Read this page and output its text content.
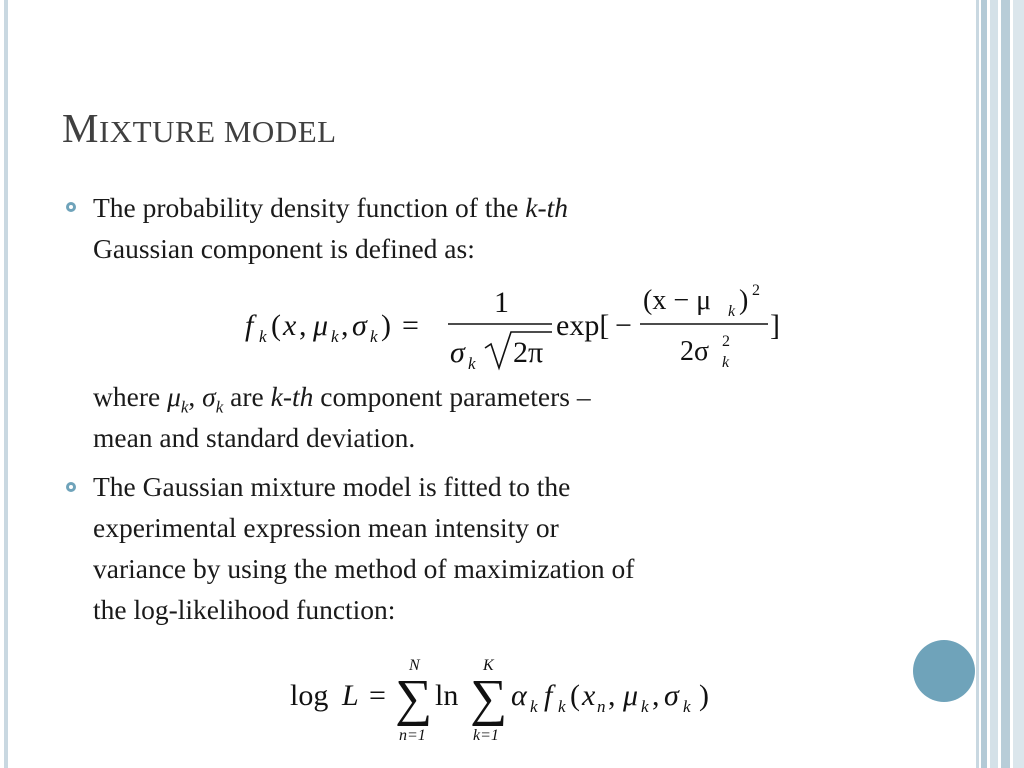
MIXTURE MODEL
The probability density function of the k-th
Gaussian component is defined as:
f k ( x , μ k , σ k ) =
1
σ k 2π
exp[ −
(x − μ k ) 2
2σ 2
k
]
where $\mu_k$, $\sigma_k$ are k-th component parameters –
mean and standard deviation.
The Gaussian mixture model is fitted to the
experimental expression mean intensity or
variance by using the method of maximization of
the log-likelihood function:
log L =
N
∑
n=1
ln
K
∑
k=1
α k f k ( x n , μ k , σ k )
